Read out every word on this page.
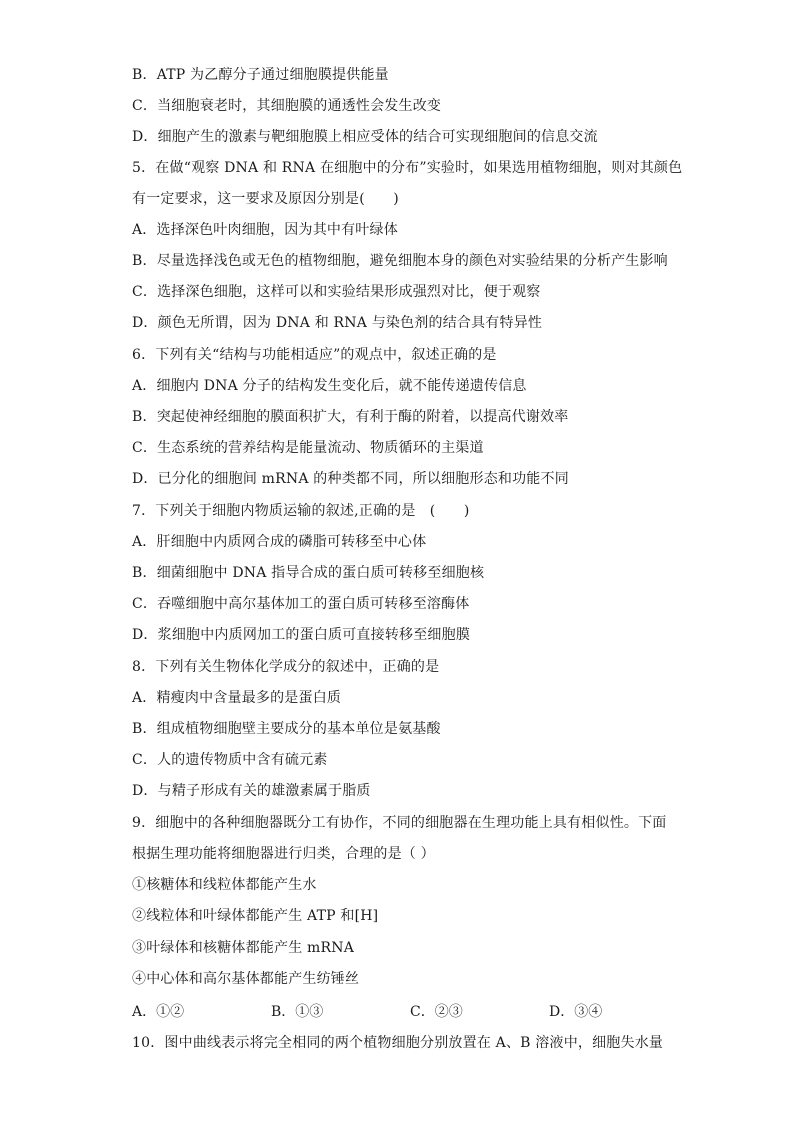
B．ATP 为乙醇分子通过细胞膜提供能量
C．当细胞衰老时，其细胞膜的通透性会发生改变
D．细胞产生的激素与靶细胞膜上相应受体的结合可实现细胞间的信息交流
5．在做“观察 DNA 和 RNA 在细胞中的分布”实验时，如果选用植物细胞，则对其颜色
有一定要求，这一要求及原因分别是(　　)
A．选择深色叶肉细胞，因为其中有叶绿体
B．尽量选择浅色或无色的植物细胞，避免细胞本身的颜色对实验结果的分析产生影响
C．选择深色细胞，这样可以和实验结果形成强烈对比，便于观察
D．颜色无所谓，因为 DNA 和 RNA 与染色剂的结合具有特异性
6．下列有关“结构与功能相适应”的观点中，叙述正确的是
A．细胞内 DNA 分子的结构发生变化后，就不能传递遗传信息
B．突起使神经细胞的膜面积扩大，有利于酶的附着，以提高代谢效率
C．生态系统的营养结构是能量流动、物质循环的主渠道
D．已分化的细胞间 mRNA 的种类都不同，所以细胞形态和功能不同
7．下列关于细胞内物质运输的叙述,正确的是　(　　)
A．肝细胞中内质网合成的磷脂可转移至中心体
B．细菌细胞中 DNA 指导合成的蛋白质可转移至细胞核
C．吞噬细胞中高尔基体加工的蛋白质可转移至溶酶体
D．浆细胞中内质网加工的蛋白质可直接转移至细胞膜
8．下列有关生物体化学成分的叙述中，正确的是
A．精瘦肉中含量最多的是蛋白质
B．组成植物细胞壁主要成分的基本单位是氨基酸
C．人的遗传物质中含有硫元素
D．与精子形成有关的雄激素属于脂质
9．细胞中的各种细胞器既分工有协作，不同的细胞器在生理功能上具有相似性。下面
根据生理功能将细胞器进行归类，合理的是（ ）
①核糖体和线粒体都能产生水
②线粒体和叶绿体都能产生 ATP 和[H]
③叶绿体和核糖体都能产生 mRNA
④中心体和高尔基体都能产生纺锤丝
A．①②	B．①③	C．②③	D．③④
10．图中曲线表示将完全相同的两个植物细胞分别放置在 A、B 溶液中，细胞失水量
